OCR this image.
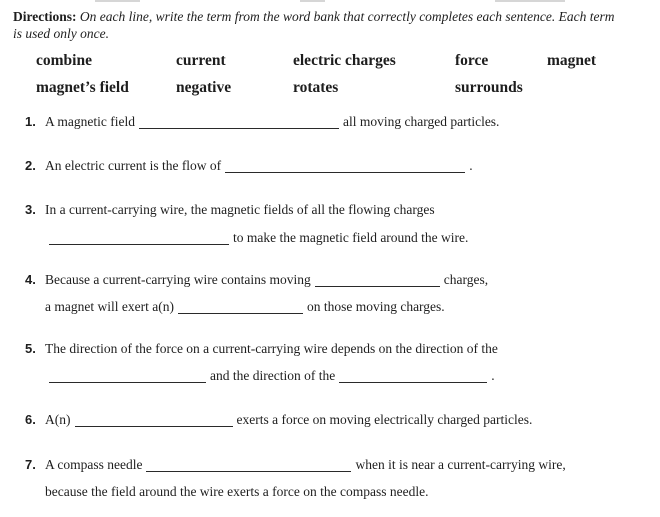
Directions: On each line, write the term from the word bank that correctly completes each sentence. Each term
is used only once.
combine	current	electric charges	force	magnet
magnet’s field	negative	rotates	surrounds
1. A magnetic field	all moving charged particles.
2. An electric current is the flow of	.
3. In a current-carrying wire, the magnetic fields of all the flowing charges
to make the magnetic field around the wire.
4. Because a current-carrying wire contains moving	charges,
a magnet will exert a(n)	on those moving charges.
5. The direction of the force on a current-carrying wire depends on the direction of the
and the direction of the	.
6. A(n)	exerts a force on moving electrically charged particles.
7. A compass needle	when it is near a current-carrying wire,
because the field around the wire exerts a force on the compass needle.
